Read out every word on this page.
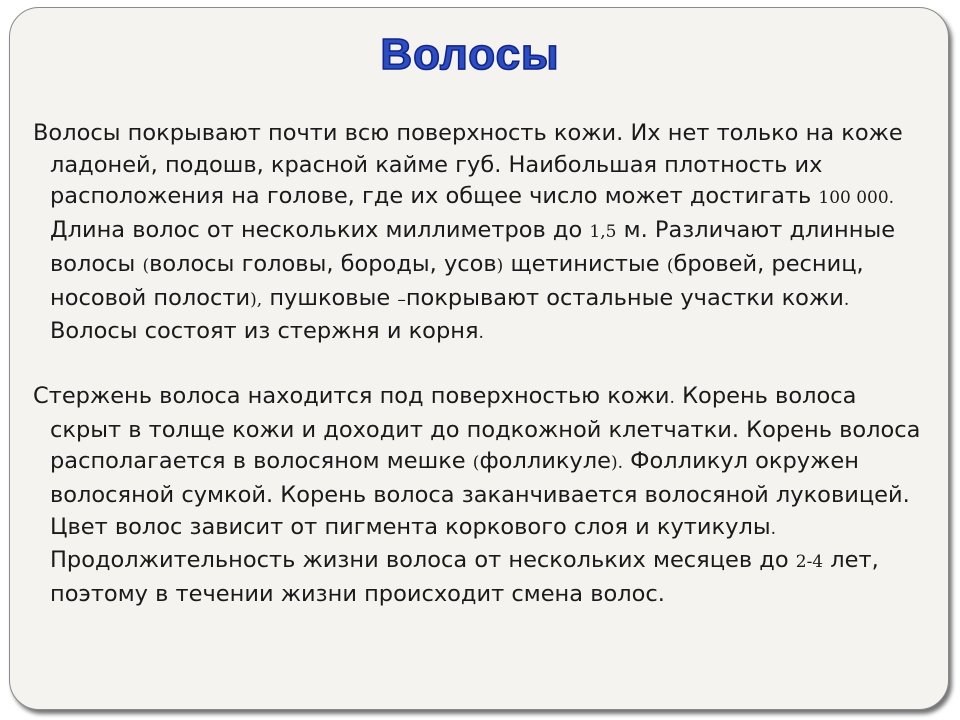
Волосы

Волосы покрывают почти всю поверхность кожи. Их нет только на коже ладоней, подошв, красной кайме губ. Наибольшая плотность их расположения на голове, где их общее число может достигать 100 000. Длина волос от нескольких миллиметров до 1,5 м. Различают длинные волосы (волосы головы, бороды, усов) щетинистые (бровей, ресниц, носовой полости), пушковые –покрывают остальные участки кожи. Волосы состоят из стержня и корня.

Стержень волоса находится под поверхностью кожи. Корень волоса скрыт в толще кожи и доходит до подкожной клетчатки. Корень волоса располагается в волосяном мешке (фолликуле). Фолликул окружен волосяной сумкой. Корень волоса заканчивается волосяной луковицей. Цвет волос зависит от пигмента коркового слоя и кутикулы. Продолжительность жизни волоса от нескольких месяцев до 2-4 лет, поэтому в течении жизни происходит смена волос.
